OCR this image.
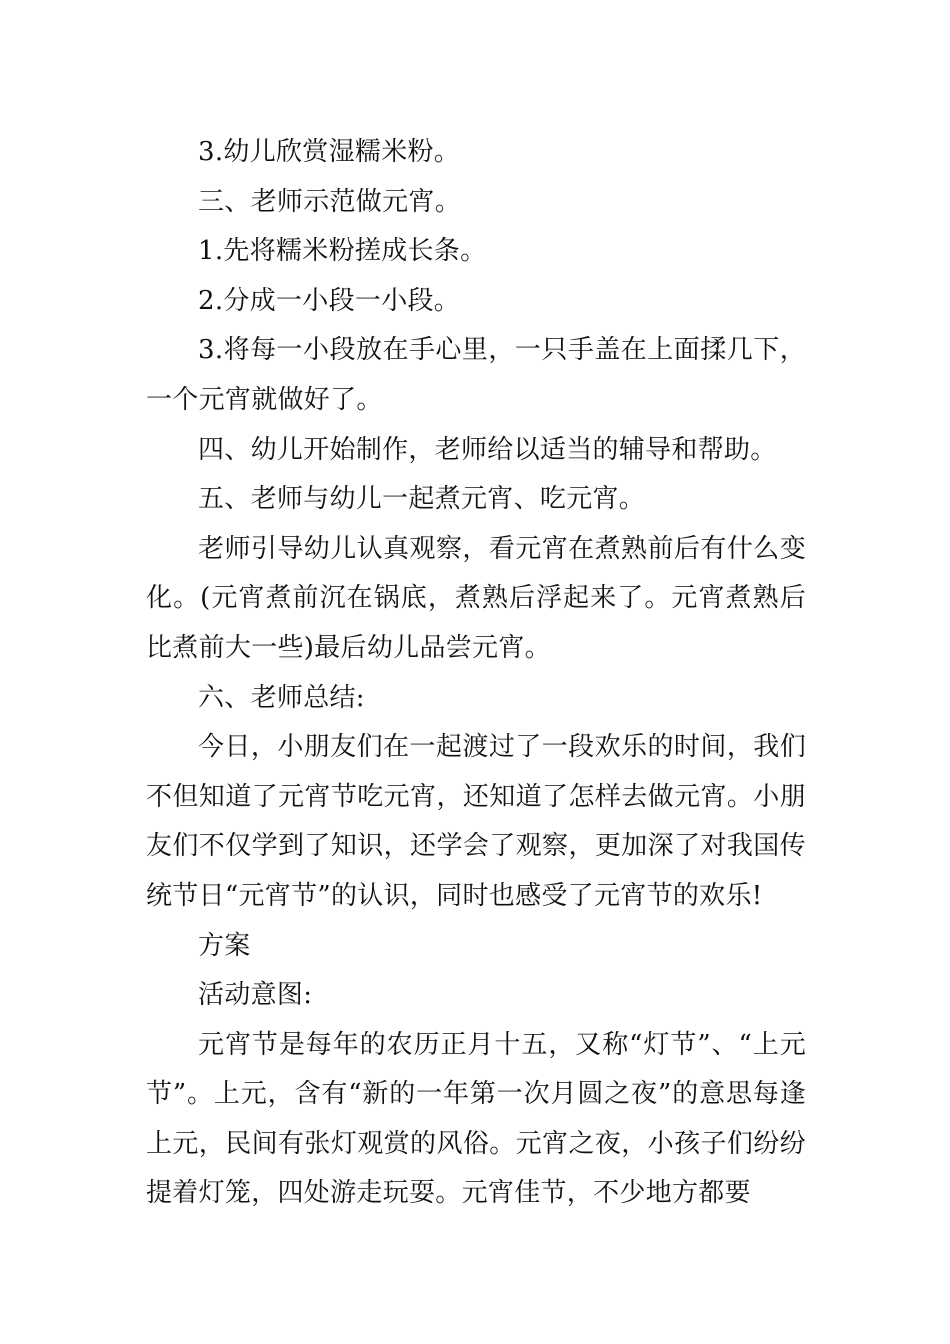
3.幼儿欣赏湿糯米粉。

三、老师示范做元宵。

1.先将糯米粉搓成长条。

2.分成一小段一小段。

3.将每一小段放在手心里，一只手盖在上面揉几下，一个元宵就做好了。

四、幼儿开始制作，老师给以适当的辅导和帮助。

五、老师与幼儿一起煮元宵、吃元宵。

老师引导幼儿认真观察，看元宵在煮熟前后有什么变化。(元宵煮前沉在锅底，煮熟后浮起来了。元宵煮熟后比煮前大一些)最后幼儿品尝元宵。

六、老师总结:

今日，小朋友们在一起渡过了一段欢乐的时间，我们不但知道了元宵节吃元宵，还知道了怎样去做元宵。小朋友们不仅学到了知识，还学会了观察，更加深了对我国传统节日“元宵节”的认识，同时也感受了元宵节的欢乐!

方案

活动意图:

元宵节是每年的农历正月十五，又称“灯节”、“上元节”。上元，含有“新的一年第一次月圆之夜”的意思每逢上元，民间有张灯观赏的风俗。元宵之夜，小孩子们纷纷提着灯笼，四处游走玩耍。元宵佳节，不少地方都要
